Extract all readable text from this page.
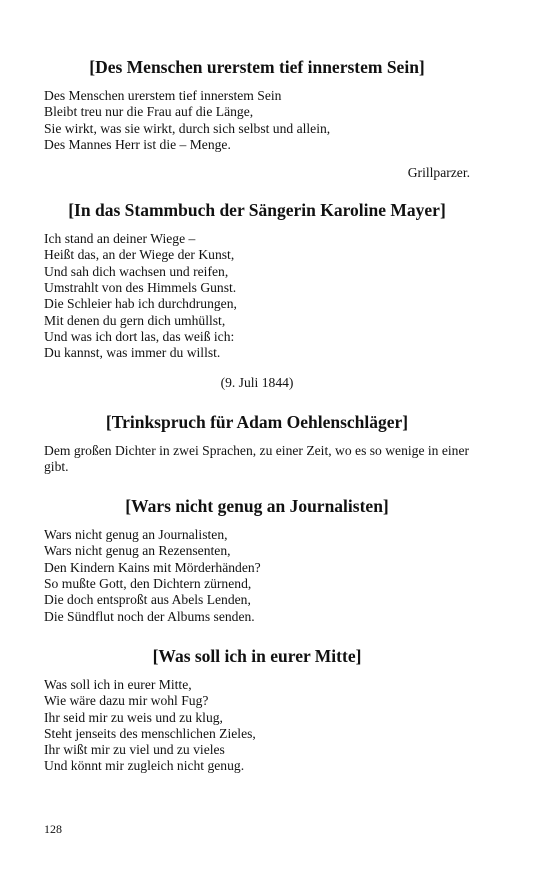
[Des Menschen urerstem tief innerstem Sein]
Des Menschen urerstem tief innerstem Sein
Bleibt treu nur die Frau auf die Länge,
Sie wirkt, was sie wirkt, durch sich selbst und allein,
Des Mannes Herr ist die – Menge.
Grillparzer.
[In das Stammbuch der Sängerin Karoline Mayer]
Ich stand an deiner Wiege –
Heißt das, an der Wiege der Kunst,
Und sah dich wachsen und reifen,
Umstrahlt von des Himmels Gunst.
Die Schleier hab ich durchdrungen,
Mit denen du gern dich umhüllst,
Und was ich dort las, das weiß ich:
Du kannst, was immer du willst.
(9. Juli 1844)
[Trinkspruch für Adam Oehlenschläger]
Dem großen Dichter in zwei Sprachen, zu einer Zeit, wo es so wenige in einer gibt.
[Wars nicht genug an Journalisten]
Wars nicht genug an Journalisten,
Wars nicht genug an Rezensenten,
Den Kindern Kains mit Mörderhänden?
So mußte Gott, den Dichtern zürnend,
Die doch entsproßt aus Abels Lenden,
Die Sündflut noch der Albums senden.
[Was soll ich in eurer Mitte]
Was soll ich in eurer Mitte,
Wie wäre dazu mir wohl Fug?
Ihr seid mir zu weis und zu klug,
Steht jenseits des menschlichen Zieles,
Ihr wißt mir zu viel und zu vieles
Und könnt mir zugleich nicht genug.
128
